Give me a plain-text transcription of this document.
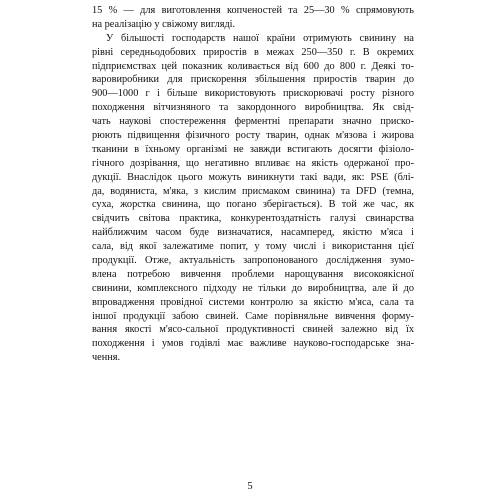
15 % — для виготовлення копченостей та 25—30 % спрямовують
на реалізацію у свіжому вигляді.
У більшості господарств нашої країни отримують свинину на
рівні середньодобових приростів в межах 250—350 г. В окремих
підприємствах цей показник коливається від 600 до 800 г. Деякі то-
варовиробники для прискорення збільшення приростів тварин до
900—1000 г і більше використовують прискорювачі росту різного
походження вітчизняного та закордонного виробництва. Як свід-
чать наукові спостереження ферментні препарати значно приско-
рюють підвищення фізичного росту тварин, однак м'язова і жирова
тканини в їхньому організмі не завжди встигають досягти фізіоло-
гічного дозрівання, що негативно впливає на якість одержаної про-
дукції. Внаслідок цього можуть виникнути такі вади, як: PSE (блі-
да, водяниста, м'яка, з кислим присмаком свинина) та DFD (темна,
суха, жорстка свинина, що погано зберігається). В той же час, як
свідчить світова практика, конкурентоздатність галузі свинарства
найближчим часом буде визначатися, насамперед, якістю м'яса і
сала, від якої залежатиме попит, у тому числі і використання цієї
продукції. Отже, актуальність запропонованого дослідження зумо-
влена потребою вивчення проблеми нарощування високоякісної
свинини, комплексного підходу не тільки до виробництва, але й до
впровадження провідної системи контролю за якістю м'яса, сала та
іншої продукції забою свиней. Саме порівняльне вивчення форму-
вання якості м'ясо-сальної продуктивності свиней залежно від їх
походження і умов годівлі має важливе науково-господарське зна-
чення.
5
